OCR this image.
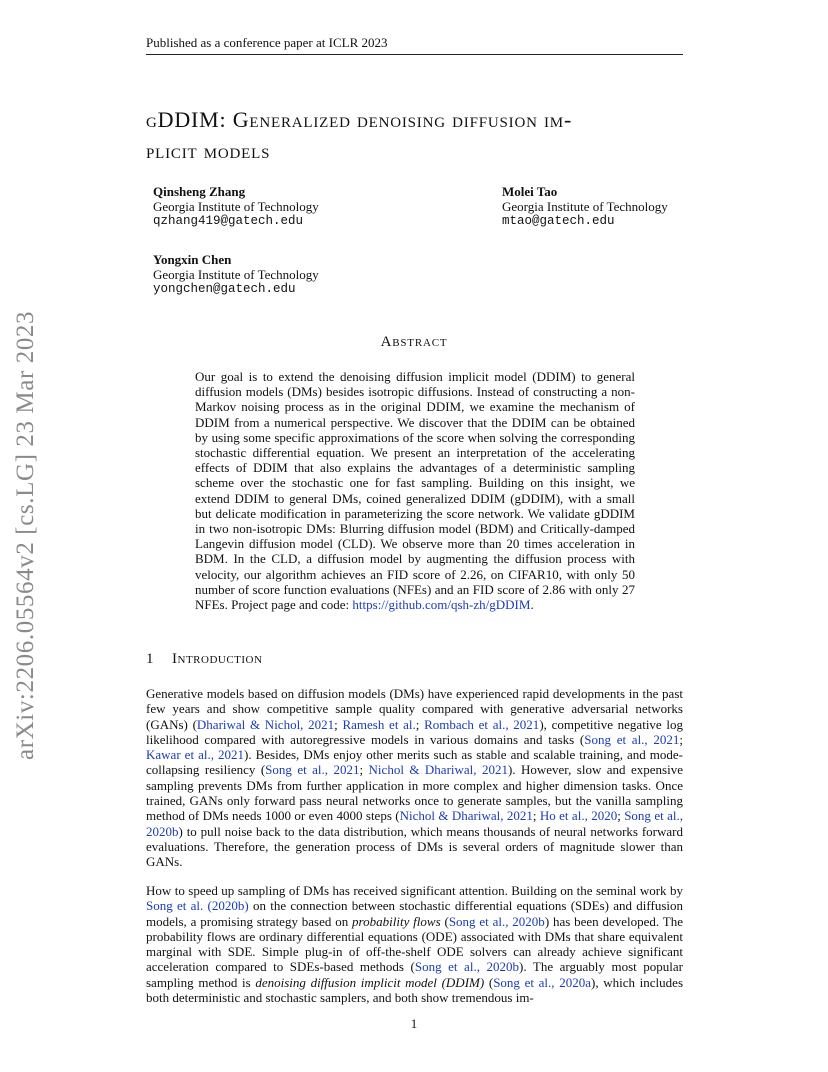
Published as a conference paper at ICLR 2023
arXiv:2206.05564v2 [cs.LG] 23 Mar 2023
gDDIM: Generalized denoising diffusion im-
plicit models
Qinsheng Zhang
Georgia Institute of Technology
qzhang419@gatech.edu
Molei Tao
Georgia Institute of Technology
mtao@gatech.edu
Yongxin Chen
Georgia Institute of Technology
yongchen@gatech.edu
Abstract
Our goal is to extend the denoising diffusion implicit model (DDIM) to general diffusion models (DMs) besides isotropic diffusions. Instead of constructing a non-Markov noising process as in the original DDIM, we examine the mechanism of DDIM from a numerical perspective. We discover that the DDIM can be obtained by using some specific approximations of the score when solving the corresponding stochastic differential equation. We present an interpretation of the accelerating effects of DDIM that also explains the advantages of a deterministic sampling scheme over the stochastic one for fast sampling. Building on this insight, we extend DDIM to general DMs, coined generalized DDIM (gDDIM), with a small but delicate modification in parameterizing the score network. We validate gDDIM in two non-isotropic DMs: Blurring diffusion model (BDM) and Critically-damped Langevin diffusion model (CLD). We observe more than 20 times acceleration in BDM. In the CLD, a diffusion model by augmenting the diffusion process with velocity, our algorithm achieves an FID score of 2.26, on CIFAR10, with only 50 number of score function evaluations (NFEs) and an FID score of 2.86 with only 27 NFEs. Project page and code: https://github.com/qsh-zh/gDDIM.
1 Introduction

Generative models based on diffusion models (DMs) have experienced rapid developments in the past few years and show competitive sample quality compared with generative adversarial networks (GANs) (Dhariwal & Nichol, 2021; Ramesh et al.; Rombach et al., 2021), competitive negative log likelihood compared with autoregressive models in various domains and tasks (Song et al., 2021; Kawar et al., 2021). Besides, DMs enjoy other merits such as stable and scalable training, and mode-collapsing resiliency (Song et al., 2021; Nichol & Dhariwal, 2021). However, slow and expensive sampling prevents DMs from further application in more complex and higher dimension tasks. Once trained, GANs only forward pass neural networks once to generate samples, but the vanilla sampling method of DMs needs 1000 or even 4000 steps (Nichol & Dhariwal, 2021; Ho et al., 2020; Song et al., 2020b) to pull noise back to the data distribution, which means thousands of neural networks forward evaluations. Therefore, the generation process of DMs is several orders of magnitude slower than GANs.

How to speed up sampling of DMs has received significant attention. Building on the seminal work by Song et al. (2020b) on the connection between stochastic differential equations (SDEs) and diffusion models, a promising strategy based on probability flows (Song et al., 2020b) has been developed. The probability flows are ordinary differential equations (ODE) associated with DMs that share equivalent marginal with SDE. Simple plug-in of off-the-shelf ODE solvers can already achieve significant acceleration compared to SDEs-based methods (Song et al., 2020b). The arguably most popular sampling method is denoising diffusion implicit model (DDIM) (Song et al., 2020a), which includes both deterministic and stochastic samplers, and both show tremendous im-

1
